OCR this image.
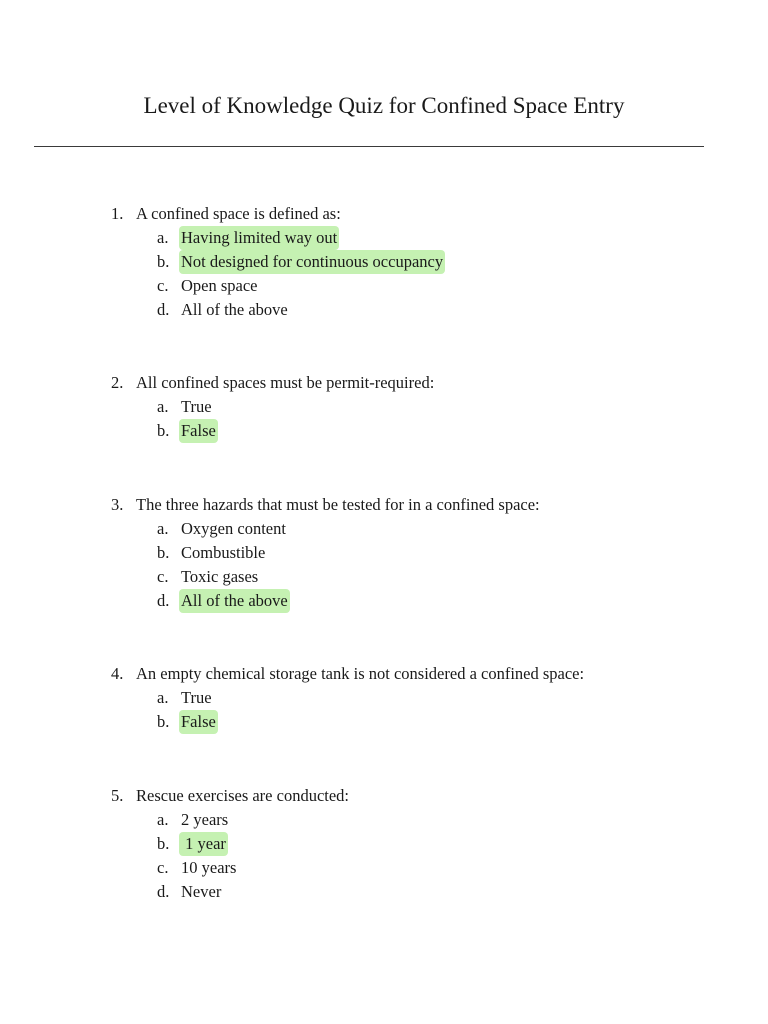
Level of Knowledge Quiz for Confined Space Entry
1. A confined space is defined as:
a. Having limited way out
b. Not designed for continuous occupancy
c. Open space
d. All of the above
2. All confined spaces must be permit-required:
a. True
b. False
3. The three hazards that must be tested for in a confined space:
a. Oxygen content
b. Combustible
c. Toxic gases
d. All of the above
4. An empty chemical storage tank is not considered a confined space:
a. True
b. False
5. Rescue exercises are conducted:
a. 2 years
b. 1 year
c. 10 years
d. Never
